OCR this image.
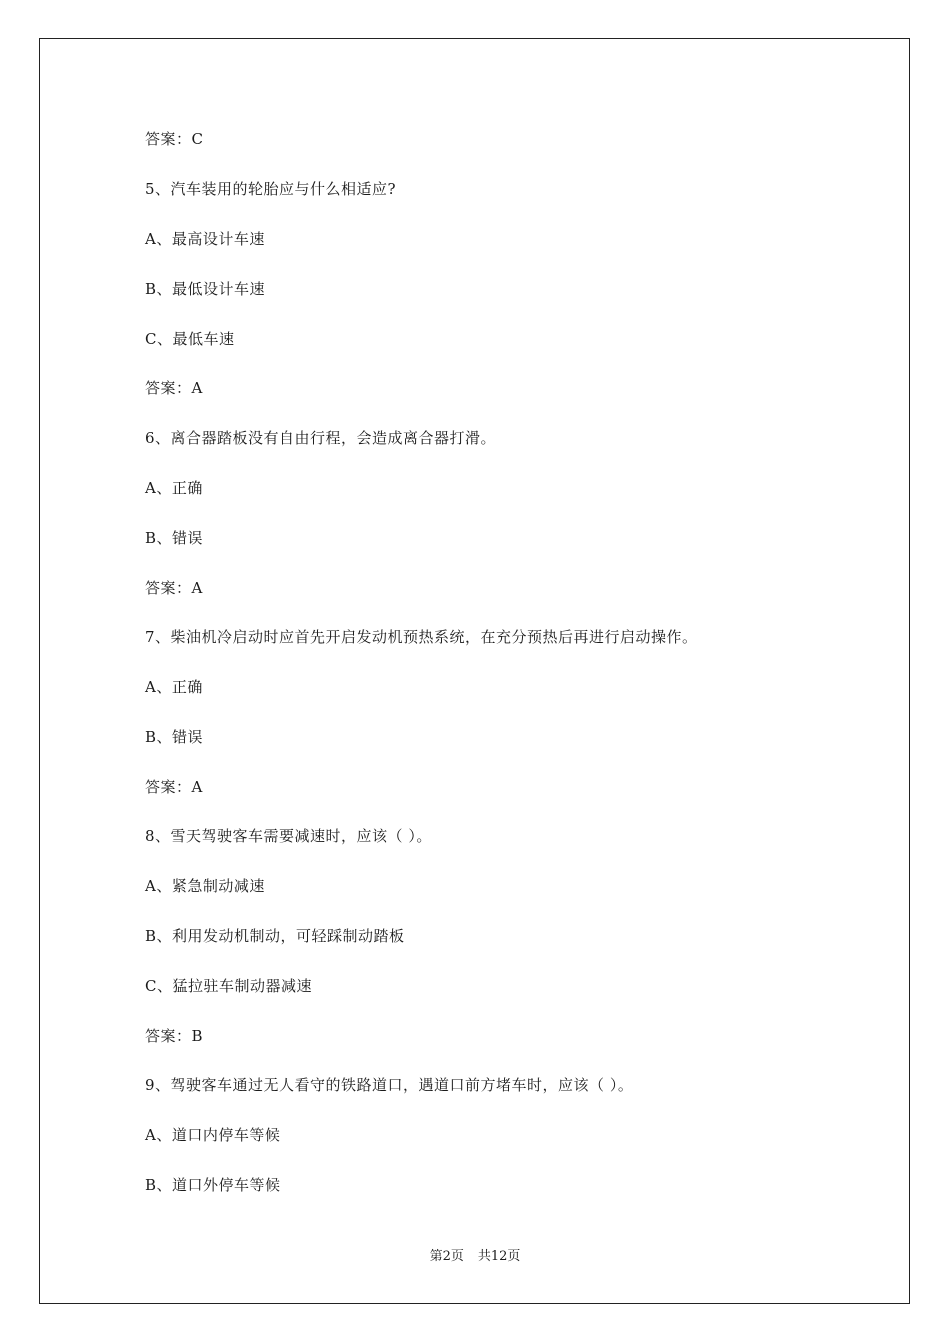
答案：C
5、汽车装用的轮胎应与什么相适应?
A、最高设计车速
B、最低设计车速
C、最低车速
答案：A
6、离合器踏板没有自由行程，会造成离合器打滑。
A、正确
B、错误
答案：A
7、柴油机冷启动时应首先开启发动机预热系统，在充分预热后再进行启动操作。
A、正确
B、错误
答案：A
8、雪天驾驶客车需要减速时，应该（ ）。
A、紧急制动减速
B、利用发动机制动，可轻踩制动踏板
C、猛拉驻车制动器减速
答案：B
9、驾驶客车通过无人看守的铁路道口，遇道口前方堵车时，应该（ ）。
A、道口内停车等候
B、道口外停车等候
第2页 共12页
